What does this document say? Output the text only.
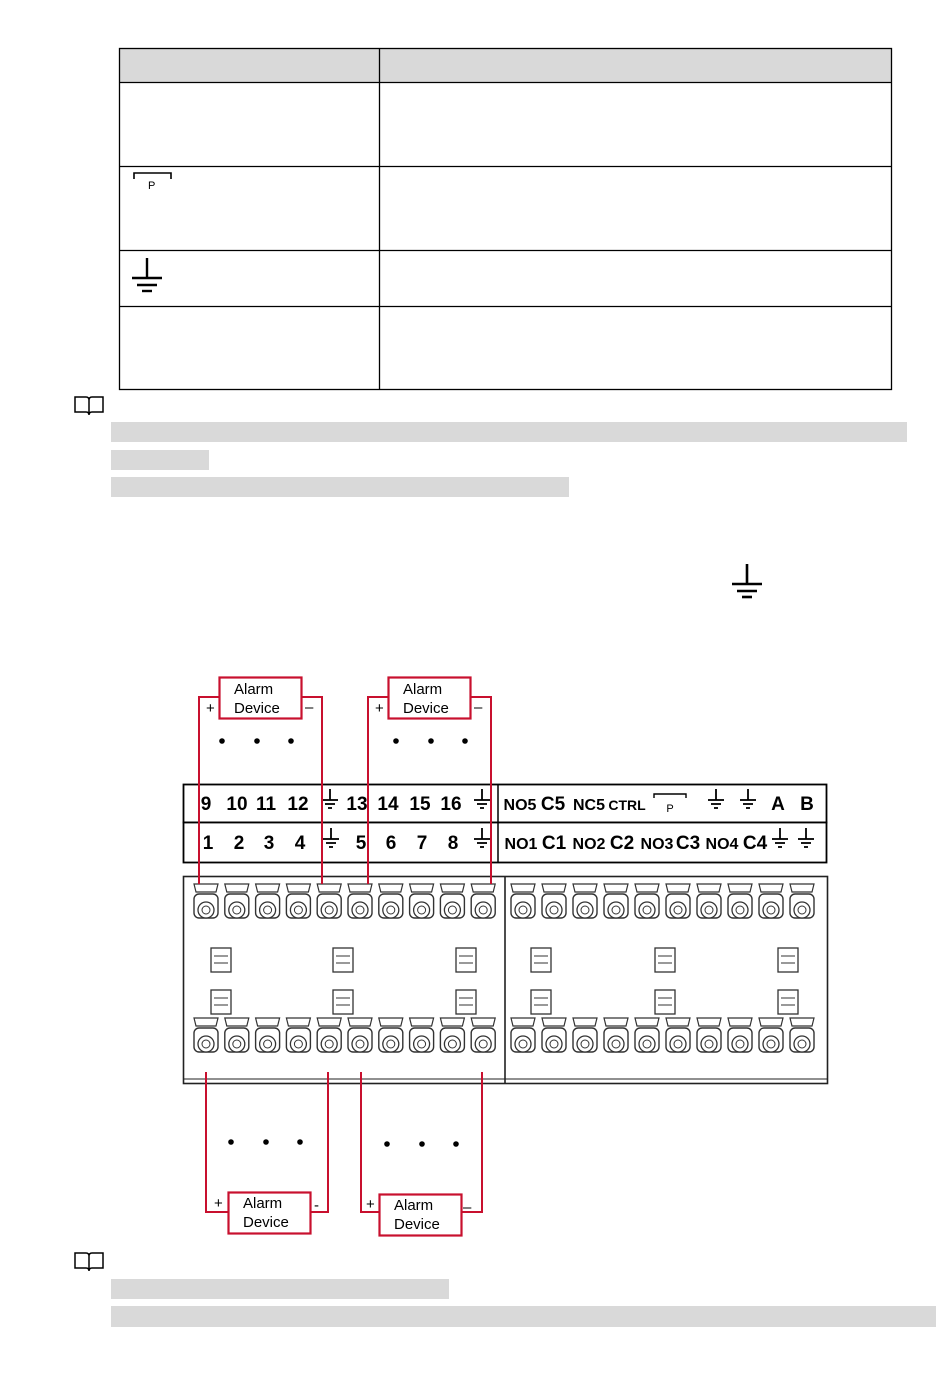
P
9 10 11 12 13 14 15 16	NO5 C5 NC5 CTRL P	A B
1 2 3 4	5 6 7 8	NO1 C1 NO2 C2 NO3 C3 NO4 C4
Alarm
Device
Alarm
Device
Alarm
Device
Alarm
Device
+	–	+	–
+	-	+	–
